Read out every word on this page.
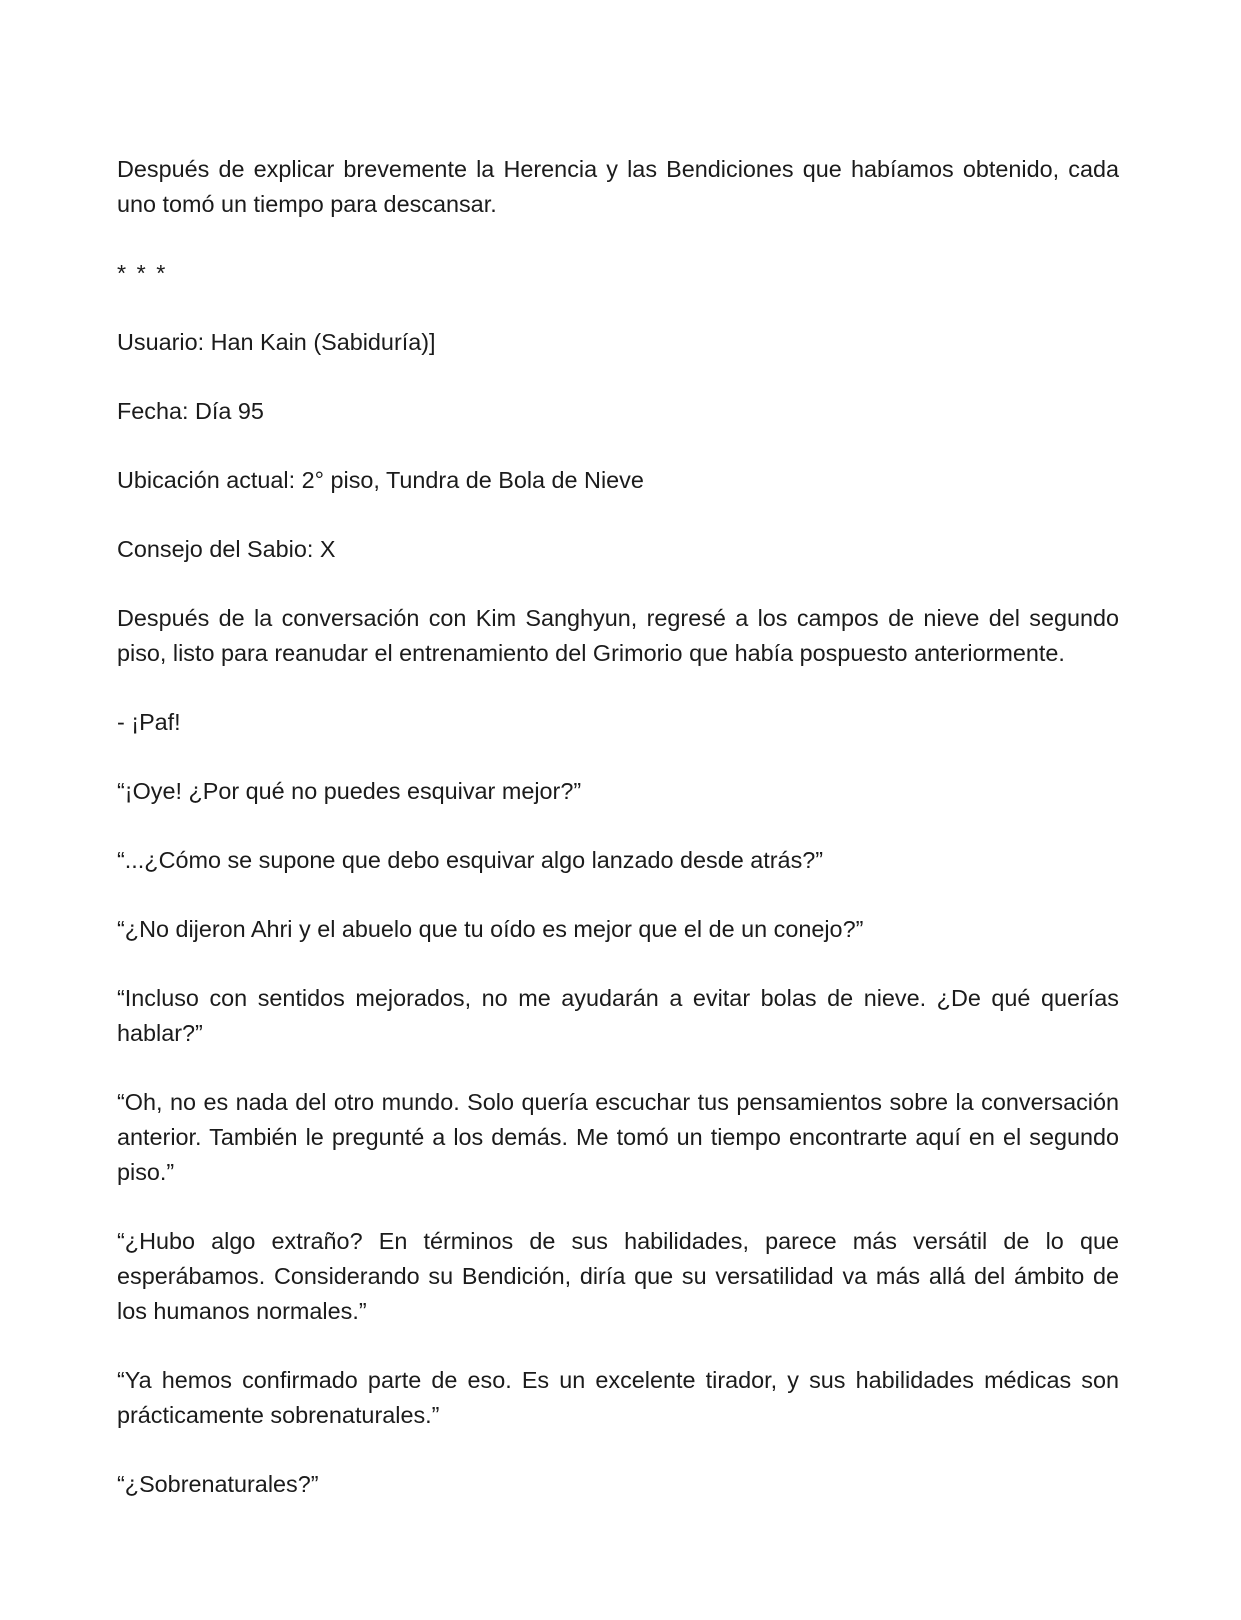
Después de explicar brevemente la Herencia y las Bendiciones que habíamos obtenido, cada uno tomó un tiempo para descansar.

* * *

Usuario: Han Kain (Sabiduría)]

Fecha: Día 95

Ubicación actual: 2° piso, Tundra de Bola de Nieve

Consejo del Sabio: X

Después de la conversación con Kim Sanghyun, regresé a los campos de nieve del segundo piso, listo para reanudar el entrenamiento del Grimorio que había pospuesto anteriormente.

- ¡Paf!

“¡Oye! ¿Por qué no puedes esquivar mejor?”

“...¿Cómo se supone que debo esquivar algo lanzado desde atrás?”

“¿No dijeron Ahri y el abuelo que tu oído es mejor que el de un conejo?”

“Incluso con sentidos mejorados, no me ayudarán a evitar bolas de nieve. ¿De qué querías hablar?”

“Oh, no es nada del otro mundo. Solo quería escuchar tus pensamientos sobre la conversación anterior. También le pregunté a los demás. Me tomó un tiempo encontrarte aquí en el segundo piso.”

“¿Hubo algo extraño? En términos de sus habilidades, parece más versátil de lo que esperábamos. Considerando su Bendición, diría que su versatilidad va más allá del ámbito de los humanos normales.”

“Ya hemos confirmado parte de eso. Es un excelente tirador, y sus habilidades médicas son prácticamente sobrenaturales.”

“¿Sobrenaturales?”
